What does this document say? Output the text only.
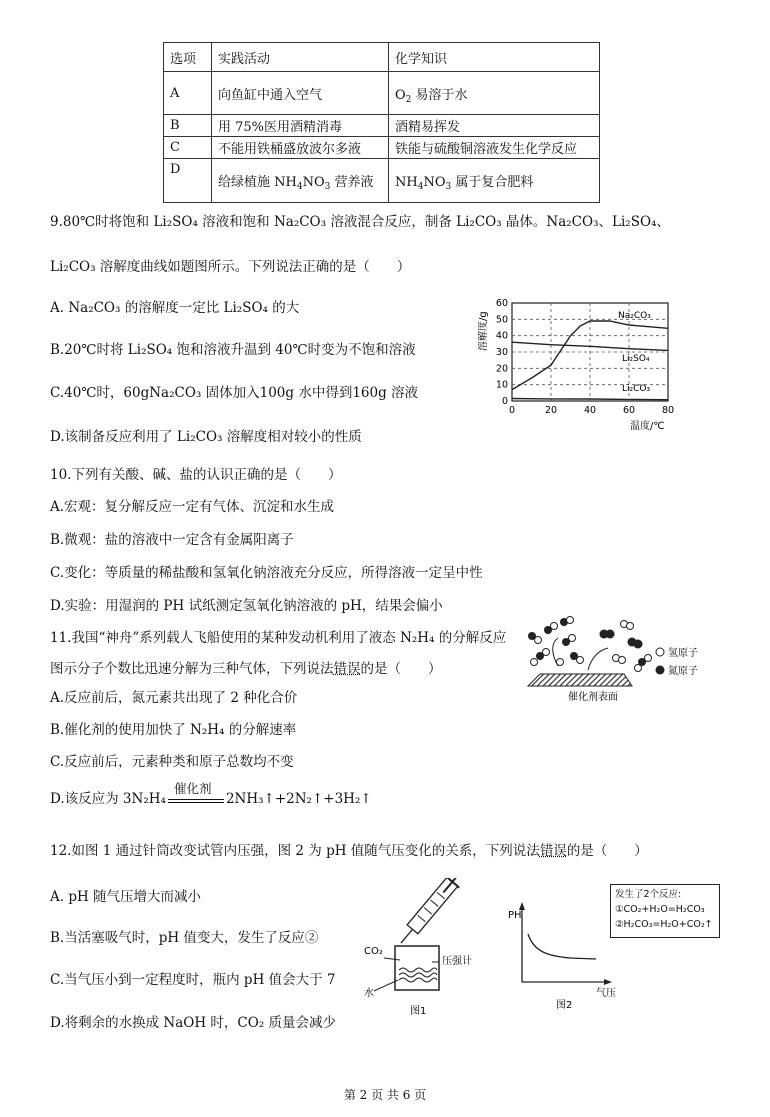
选项	实践活动	化学知识
A	向鱼缸中通入空气	$O_2$ 易溶于水
B	用 75%医用酒精消毒	酒精易挥发
C	不能用铁桶盛放波尔多液	铁能与硫酸铜溶液发生化学反应
D	给绿植施 $NH_4NO_3$ 营养液	$NH_4NO_3$ 属于复合肥料
9.80℃时将饱和 Li₂SO₄ 溶液和饱和 Na₂CO₃ 溶液混合反应，制备 Li₂CO₃ 晶体。Na₂CO₃、Li₂SO₄、
Li₂CO₃ 溶解度曲线如题图所示。下列说法正确的是（　　）
A. Na₂CO₃ 的溶解度一定比 Li₂SO₄ 的大
B.20℃时将 Li₂SO₄ 饱和溶液升温到 40℃时变为不饱和溶液
C.40℃时，60gNa₂CO₃ 固体加入100g 水中得到160g 溶液
D.该制备反应利用了 Li₂CO₃ 溶解度相对较小的性质
溶解度/g
温度/℃
0
10
20
30
40
50
60
0	20	40	60	80
Na₂CO₃
Li₂SO₄
Li₂CO₃
10.下列有关酸、碱、盐的认识正确的是（　　）
A.宏观：复分解反应一定有气体、沉淀和水生成
B.微观：盐的溶液中一定含有金属阳离子
C.变化：等质量的稀盐酸和氢氧化钠溶液充分反应，所得溶液一定呈中性
D.实验：用湿润的 PH 试纸测定氢氧化钠溶液的 pH，结果会偏小
11.我国“神舟”系列载人飞船使用的某种发动机利用了液态 N₂H₄ 的分解反应
图示分子个数比迅速分解为三种气体，下列说法错误的是（　　）
A.反应前后，氮元素共出现了 2 种化合价
B.催化剂的使用加快了 N₂H₄ 的分解速率
C.反应前后，元素种类和原子总数均不变
D.该反应为 3N₂H₄
催化剂
2NH₃↑+2N₂↑+3H₂↑
氢原子
氮原子
催化剂表面
12.如图 1 通过针筒改变试管内压强，图 2 为 pH 值随气压变化的关系，下列说法错误的是（　　）
A. pH 随气压增大而减小
B.当活塞吸气时，pH 值变大，发生了反应②
C.当气压小到一定程度时，瓶内 pH 值会大于 7
D.将剩余的水换成 NaOH 时，CO₂ 质量会减少
CO₂
压强计
水
图1
PH
气压
图2
发生了2个反应:
①CO₂+H₂O=H₂CO₃
②H₂CO₃=H₂O+CO₂↑
第 2 页 共 6 页
